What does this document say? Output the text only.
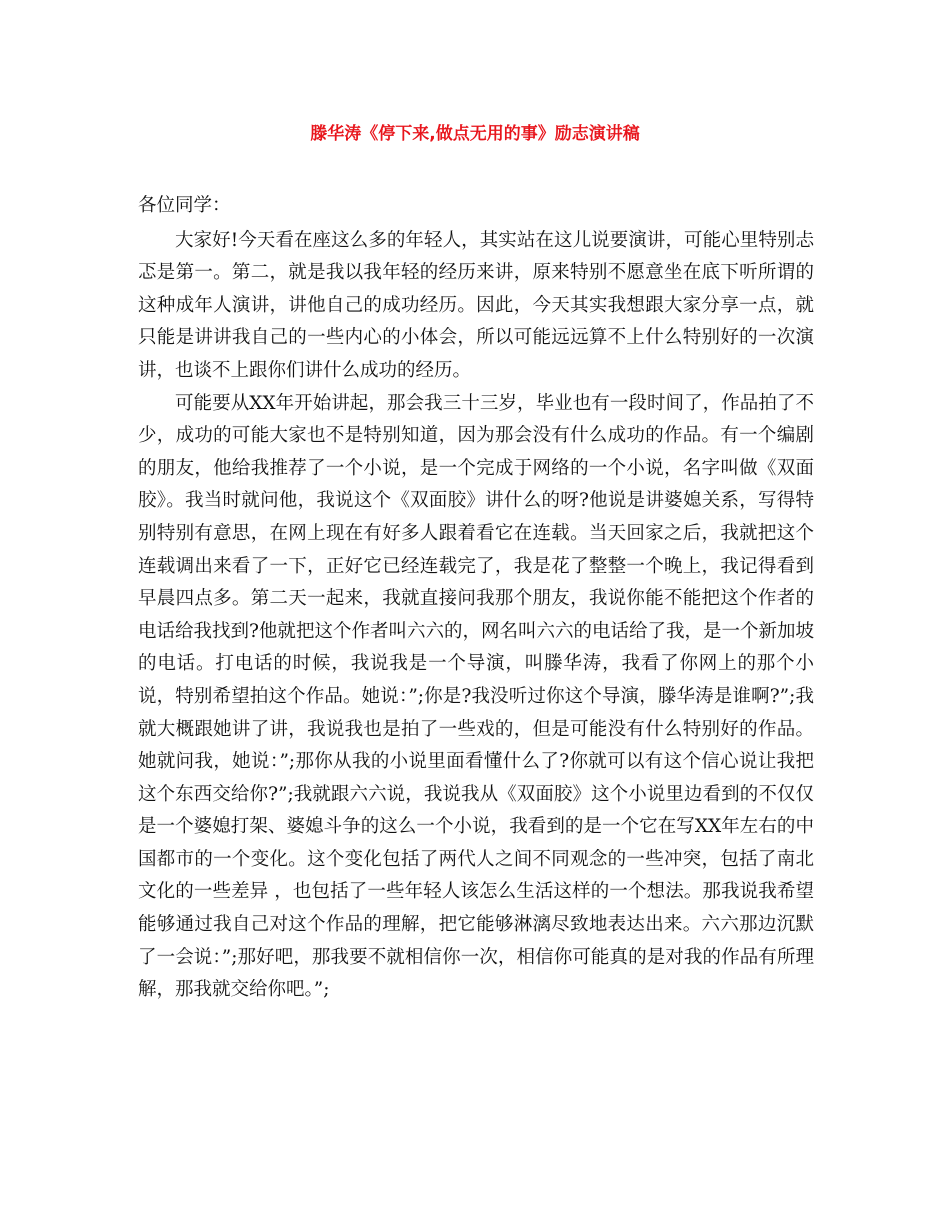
滕华涛《停下来,做点无用的事》励志演讲稿

各位同学：

大家好!今天看在座这么多的年轻人，其实站在这儿说要演讲，可能心里特别忐忑是第一。第二，就是我以我年轻的经历来讲，原来特别不愿意坐在底下听所谓的这种成年人演讲，讲他自己的成功经历。因此，今天其实我想跟大家分享一点，就只能是讲讲我自己的一些内心的小体会，所以可能远远算不上什么特别好的一次演讲，也谈不上跟你们讲什么成功的经历。

可能要从XX年开始讲起，那会我三十三岁，毕业也有一段时间了，作品拍了不少，成功的可能大家也不是特别知道，因为那会没有什么成功的作品。有一个编剧的朋友，他给我推荐了一个小说，是一个完成于网络的一个小说，名字叫做《双面胶》。我当时就问他，我说这个《双面胶》讲什么的呀?他说是讲婆媳关系，写得特别特别有意思，在网上现在有好多人跟着看它在连载。当天回家之后，我就把这个连载调出来看了一下，正好它已经连载完了，我是花了整整一个晚上，我记得看到早晨四点多。第二天一起来，我就直接问我那个朋友，我说你能不能把这个作者的电话给我找到?他就把这个作者叫六六的，网名叫六六的电话给了我，是一个新加坡的电话。打电话的时候，我说我是一个导演，叫滕华涛，我看了你网上的那个小说，特别希望拍这个作品。她说：”;你是?我没听过你这个导演，滕华涛是谁啊?”;我就大概跟她讲了讲，我说我也是拍了一些戏的，但是可能没有什么特别好的作品。她就问我，她说：”;那你从我的小说里面看懂什么了?你就可以有这个信心说让我把这个东西交给你?”;我就跟六六说，我说我从《双面胶》这个小说里边看到的不仅仅是一个婆媳打架、婆媳斗争的这么一个小说，我看到的是一个它在写XX年左右的中国都市的一个变化。这个变化包括了两代人之间不同观念的一些冲突，包括了南北文化的一些差异 ，也包括了一些年轻人该怎么生活这样的一个想法。那我说我希望能够通过我自己对这个作品的理解，把它能够淋漓尽致地表达出来。六六那边沉默了一会说：”;那好吧，那我要不就相信你一次，相信你可能真的是对我的作品有所理解，那我就交给你吧。”;
